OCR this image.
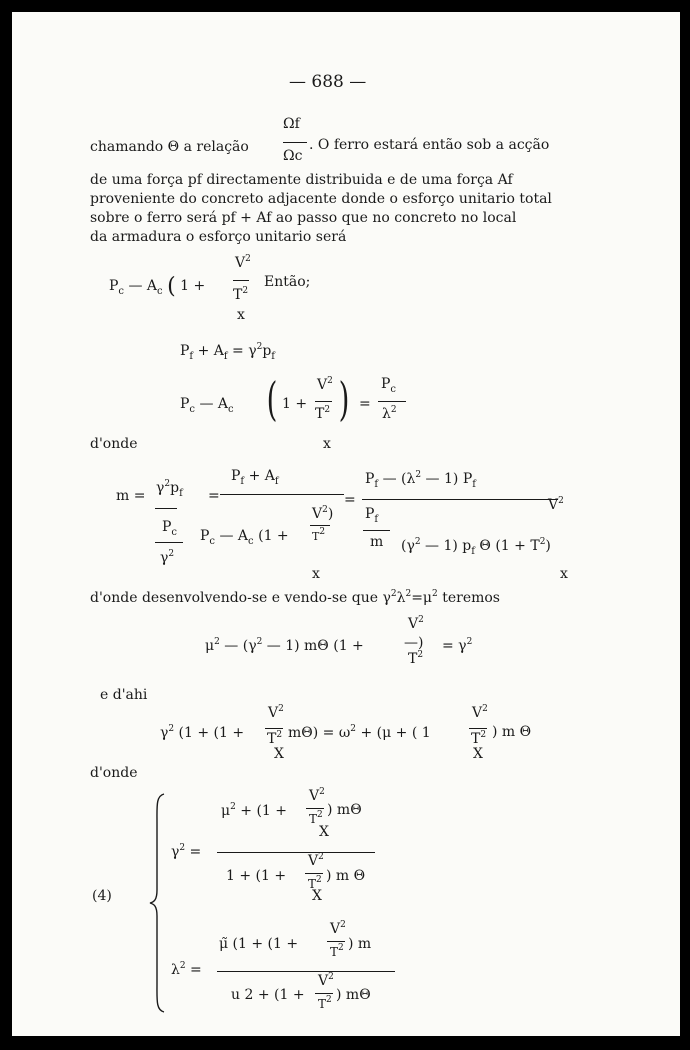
— 688 —
chamando Θ a relação
Ωf
Ωc
. O ferro estará então sob a acção
de uma força pf directamente distribuida e de uma força Af
proveniente do concreto adjacente donde o esforço unitario total
sobre o ferro será pf + Af ao passo que no concreto no local
da armadura o esforço unitario será
$P_c$ — $A_c$ ( 1 +
$V^2$
$T^2$
Então;
x
$P_f + A_f = \gamma^2p_f$
$P_c$ — $A_c$ ( 1 +
$V^2$
$T^2$ ) =
$P_c$
$\lambda^2$
d'onde	x
$m = \gamma^2p_f$
$P_c$
$\gamma^2$
=
$P_f + A_f$
$P_c$ — $A_c$ (1 +
$V^2$)
$T^2$
=
$P_f$ — ($\lambda^2$ — 1) $P_f$
$V^2$
$P_f$
m ($\gamma^2$ — 1) $p_f$ Θ $(1 + T^2)$
x	x
d'onde desenvolvendo-se e vendo-se que $\gamma^2\lambda^2=\mu^2$ teremos
$\mu^2$ — ($\gamma^2$ — 1) mΘ (1 +
$V^2$
—)
$T^2$
= $\gamma^2$
e d'ahi
$\gamma^2$ (1 + (1 +
$V^2$
$T^2$
X
$m\Theta) = \omega^2 + (\mu$ + ( 1
$V^2$
$T^2$
X
) m Θ
d'onde
(4)
$\mu^2 + (1$ +
$V^2$
$T^2$ ) mΘ
X
$\gamma^2$ =
1 + (1 +
$V^2$
$T^2$ ) m Θ
X
μ̃ (1 + (1 +
$V^2$
$T^2$ ) m
$\lambda^2$ =
u 2 + (1 +
$V^2$
$T^2$ ) mΘ
